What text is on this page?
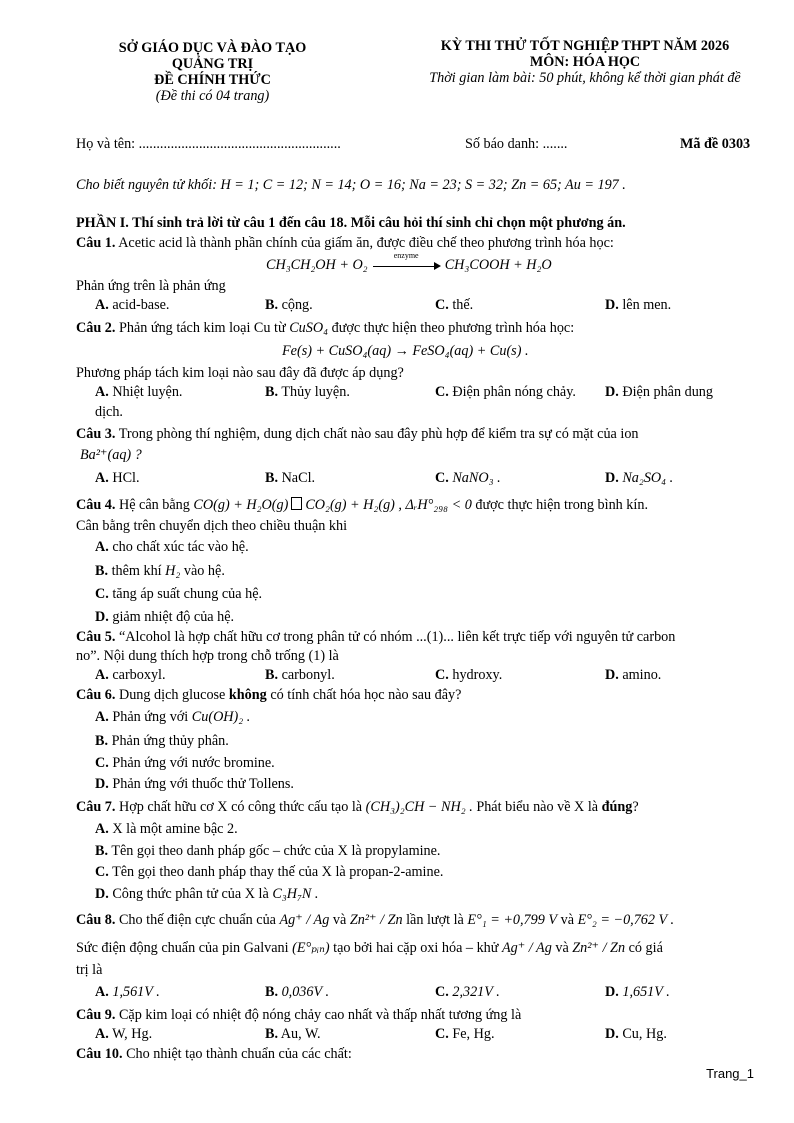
SỞ GIÁO DỤC VÀ ĐÀO TẠO
QUẢNG TRỊ
ĐỀ CHÍNH THỨC
(Đề thi có 04 trang)
KỲ THI THỬ TỐT NGHIỆP THPT NĂM 2026
MÔN: HÓA HỌC
Thời gian làm bài: 50 phút, không kể thời gian phát đề
Họ và tên: .........................................................	Số báo danh: .......	Mã đề 0303
Cho biết nguyên tử khối: H = 1; C = 12; N = 14; O = 16; Na = 23; S = 32; Zn = 65; Au = 197 .
PHẦN I. Thí sinh trả lời từ câu 1 đến câu 18. Mỗi câu hỏi thí sinh chỉ chọn một phương án.
Câu 1. Acetic acid là thành phần chính của giấm ăn, được điều chế theo phương trình hóa học:
CH₃CH₂OH + O₂
enzyme
CH₃COOH + H₂O
Phản ứng trên là phản ứng
A. acid-base.	B. cộng.	C. thế.	D. lên men.
Câu 2. Phản ứng tách kim loại Cu từ CuSO₄ được thực hiện theo phương trình hóa học:
Fe(s) + CuSO₄(aq) → FeSO₄(aq) + Cu(s) .
Phương pháp tách kim loại nào sau đây đã được áp dụng?
A. Nhiệt luyện.	B. Thủy luyện.	C. Điện phân nóng chảy. D. Điện phân dung
dịch.
Câu 3. Trong phòng thí nghiệm, dung dịch chất nào sau đây phù hợp để kiểm tra sự có mặt của ion
Ba²⁺(aq) ?
A. HCl.	B. NaCl.	C. NaNO₃ .	D. Na₂SO₄ .
Câu 4. Hệ cân bằng CO(g) + H₂O(g) CO₂(g) + H₂(g) , ΔᵣH°₂₉₈ < 0 được thực hiện trong bình kín.
Cân bằng trên chuyển dịch theo chiều thuận khi
A. cho chất xúc tác vào hệ.
B. thêm khí H₂ vào hệ.
C. tăng áp suất chung của hệ.
D. giảm nhiệt độ của hệ.
Câu 5. “Alcohol là hợp chất hữu cơ trong phân tử có nhóm ...(1)... liên kết trực tiếp với nguyên tử carbon
no”. Nội dung thích hợp trong chỗ trống (1) là
A. carboxyl.	B. carbonyl.	C. hydroxy.	D. amino.
Câu 6. Dung dịch glucose không có tính chất hóa học nào sau đây?
A. Phản ứng với Cu(OH)₂ .
B. Phản ứng thủy phân.
C. Phản ứng với nước bromine.
D. Phản ứng với thuốc thử Tollens.
Câu 7. Hợp chất hữu cơ X có công thức cấu tạo là (CH₃)₂CH − NH₂ . Phát biểu nào về X là đúng?
A. X là một amine bậc 2.
B. Tên gọi theo danh pháp gốc – chức của X là propylamine.
C. Tên gọi theo danh pháp thay thế của X là propan-2-amine.
D. Công thức phân tử của X là C₃H₇N .
Câu 8. Cho thế điện cực chuẩn của Ag⁺ / Ag và Zn²⁺ / Zn lần lượt là E°₁ = +0,799 V và E°₂ = −0,762 V .
Sức điện động chuẩn của pin Galvani (E°ₚᵢₙ) tạo bởi hai cặp oxi hóa – khử Ag⁺ / Ag và Zn²⁺ / Zn có giá
trị là
A. 1,561V .	B. 0,036V .	C. 2,321V .	D. 1,651V .
Câu 9. Cặp kim loại có nhiệt độ nóng chảy cao nhất và thấp nhất tương ứng là
A. W, Hg.	B. Au, W.	C. Fe, Hg.	D. Cu, Hg.
Câu 10. Cho nhiệt tạo thành chuẩn của các chất:
Trang_1
